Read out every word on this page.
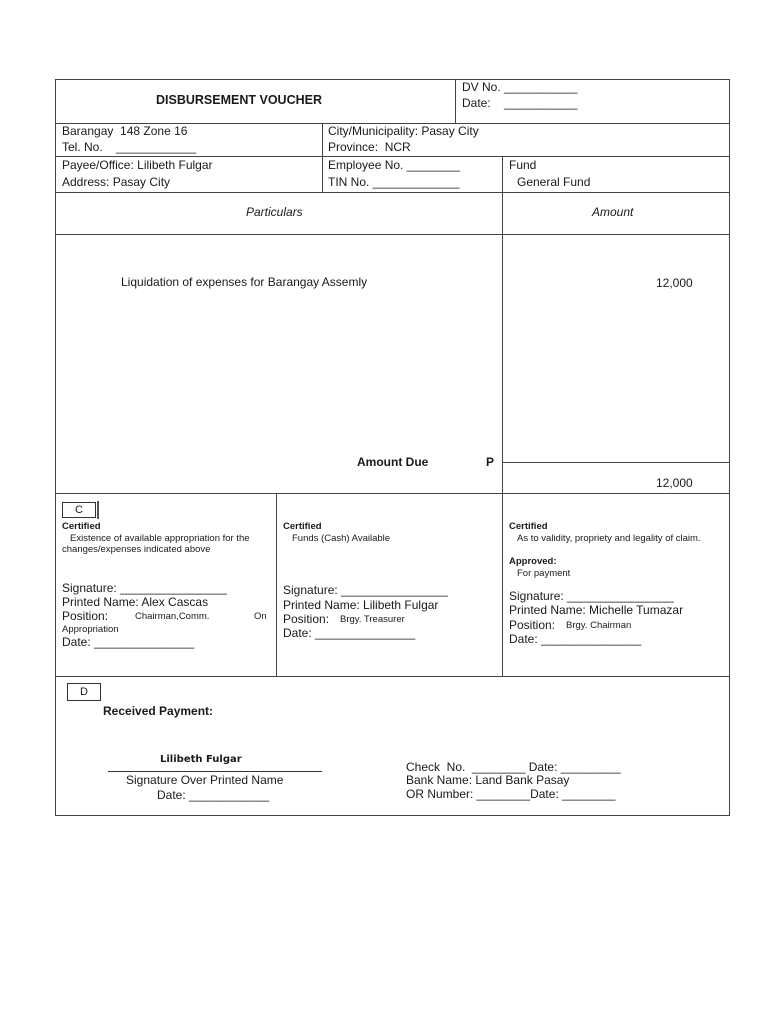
DISBURSEMENT VOUCHER
DV No. ___________
Date:    ___________
Barangay  148 Zone 16
Tel. No.    ____________
City/Municipality: Pasay City
Province:  NCR
Payee/Office: Lilibeth Fulgar
Address: Pasay City
Employee No. ________
TIN No. _____________
Fund
General Fund
Particulars	Amount
Liquidation of expenses for Barangay Assemly	12,000
Amount Due	P
12,000
C
Certified
Existence of available appropriation for the changes/expenses indicated above
Signature: ________________
Printed Name: Alex Cascas
Position:	Chairman,Comm.	On
Appropriation
Date: _______________
Certified
Funds (Cash) Available
Signature: ________________
Printed Name: Lilibeth Fulgar
Position: Brgy. Treasurer
Date: _______________
Certified
As to validity, propriety and legality of claim.
Approved:
For payment
Signature: ________________
Printed Name: Michelle Tumazar
Position: Brgy. Chairman
Date: _______________
D
Received Payment:
Lilibeth Fulgar
Signature Over Printed Name
Date: ____________
Check  No.  ________ Date: _________
Bank Name: Land Bank Pasay
OR Number: ________Date: ________
